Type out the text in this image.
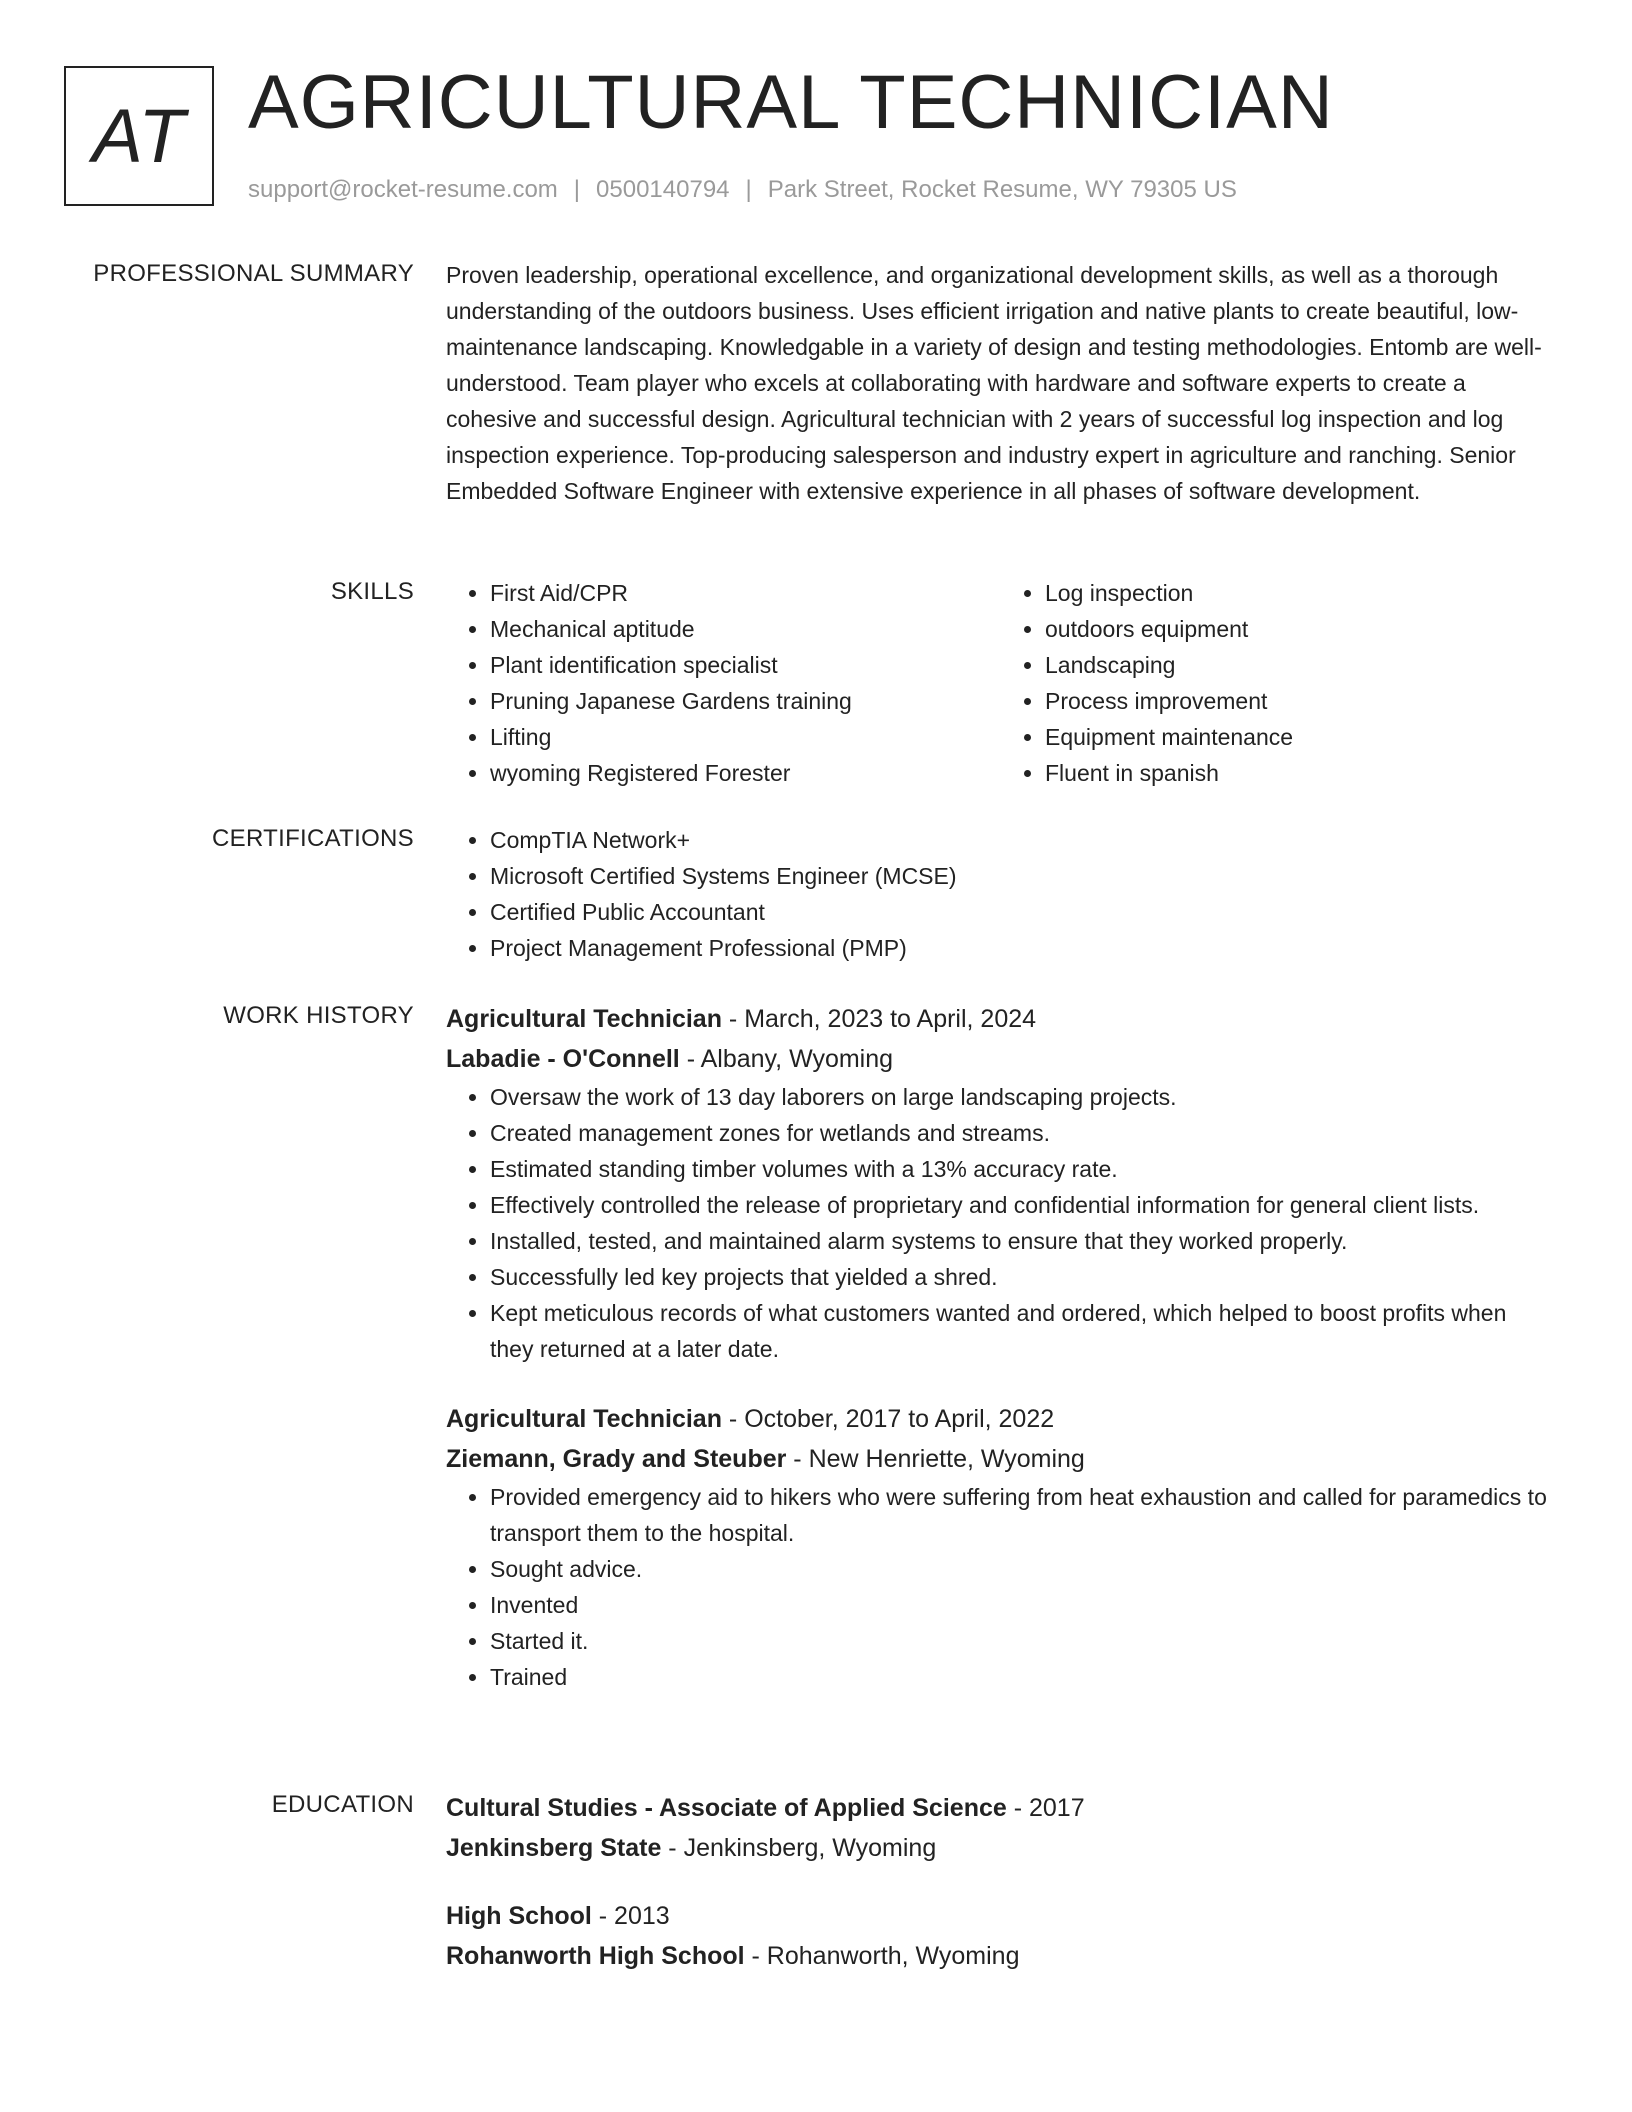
AT AGRICULTURAL TECHNICIAN
support@rocket-resume.com | 0500140794 | Park Street, Rocket Resume, WY 79305 US
PROFESSIONAL SUMMARY Proven leadership, operational excellence, and organizational development skills, as well as a thorough understanding of the outdoors business. Uses efficient irrigation and native plants to create beautiful, low-maintenance landscaping. Knowledgable in a variety of design and testing methodologies. Entomb are well-understood. Team player who excels at collaborating with hardware and software experts to create a cohesive and successful design. Agricultural technician with 2 years of successful log inspection and log inspection experience. Top-producing salesperson and industry expert in agriculture and ranching. Senior Embedded Software Engineer with extensive experience in all phases of software development.

SKILLS	• First Aid/CPR
• Mechanical aptitude
• Plant identification specialist
• Pruning Japanese Gardens training
• Lifting
• wyoming Registered Forester
• Log inspection
• outdoors equipment
• Landscaping
• Process improvement
• Equipment maintenance
• Fluent in spanish
CERTIFICATIONS	• CompTIA Network+
• Microsoft Certified Systems Engineer (MCSE)
• Certified Public Accountant
• Project Management Professional (PMP)
WORK HISTORY Agricultural Technician - March, 2023 to April, 2024
Labadie - O'Connell - Albany, Wyoming
• Oversaw the work of 13 day laborers on large landscaping projects.
• Created management zones for wetlands and streams.
• Estimated standing timber volumes with a 13% accuracy rate.
• Effectively controlled the release of proprietary and confidential information for general client lists.
• Installed, tested, and maintained alarm systems to ensure that they worked properly.
• Successfully led key projects that yielded a shred.
• Kept meticulous records of what customers wanted and ordered, which helped to boost profits when they returned at a later date.
Agricultural Technician - October, 2017 to April, 2022
Ziemann, Grady and Steuber - New Henriette, Wyoming
• Provided emergency aid to hikers who were suffering from heat exhaustion and called for paramedics to transport them to the hospital.
• Sought advice.
• Invented
• Started it.
• Trained
EDUCATION Cultural Studies - Associate of Applied Science - 2017
Jenkinsberg State - Jenkinsberg, Wyoming
High School - 2013
Rohanworth High School - Rohanworth, Wyoming
